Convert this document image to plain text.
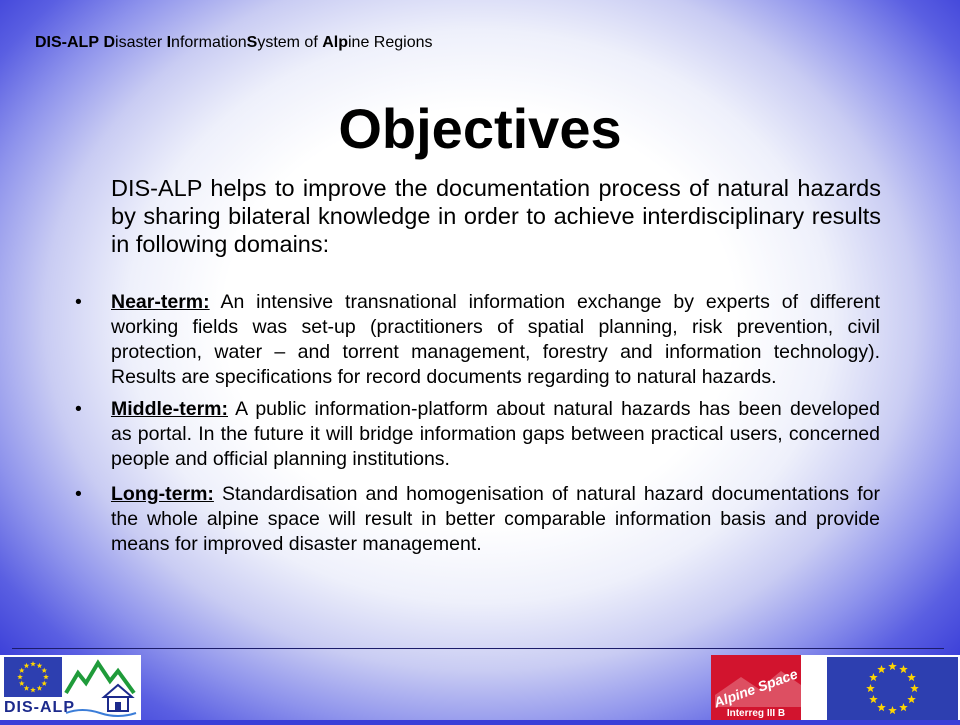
DIS-ALP Disaster InformationSystem of Alpine Regions
Objectives
DIS-ALP helps to improve the documentation process of natural hazards by sharing bilateral knowledge in order to achieve interdisciplinary results in following domains:
• Near-term: An intensive transnational information exchange by experts of different working fields was set-up (practitioners of spatial planning, risk prevention, civil protection, water – and torrent management, forestry and information technology). Results are specifications for record documents regarding to natural hazards.
• Middle-term: A public information-platform about natural hazards has been developed as portal. In the future it will bridge information gaps between practical users, concerned people and official planning institutions.
• Long-term: Standardisation and homogenisation of natural hazard documentations for the whole alpine space will result in better comparable information basis and provide means for improved disaster management.
DIS-ALP	Alpine Space
Interreg III B
